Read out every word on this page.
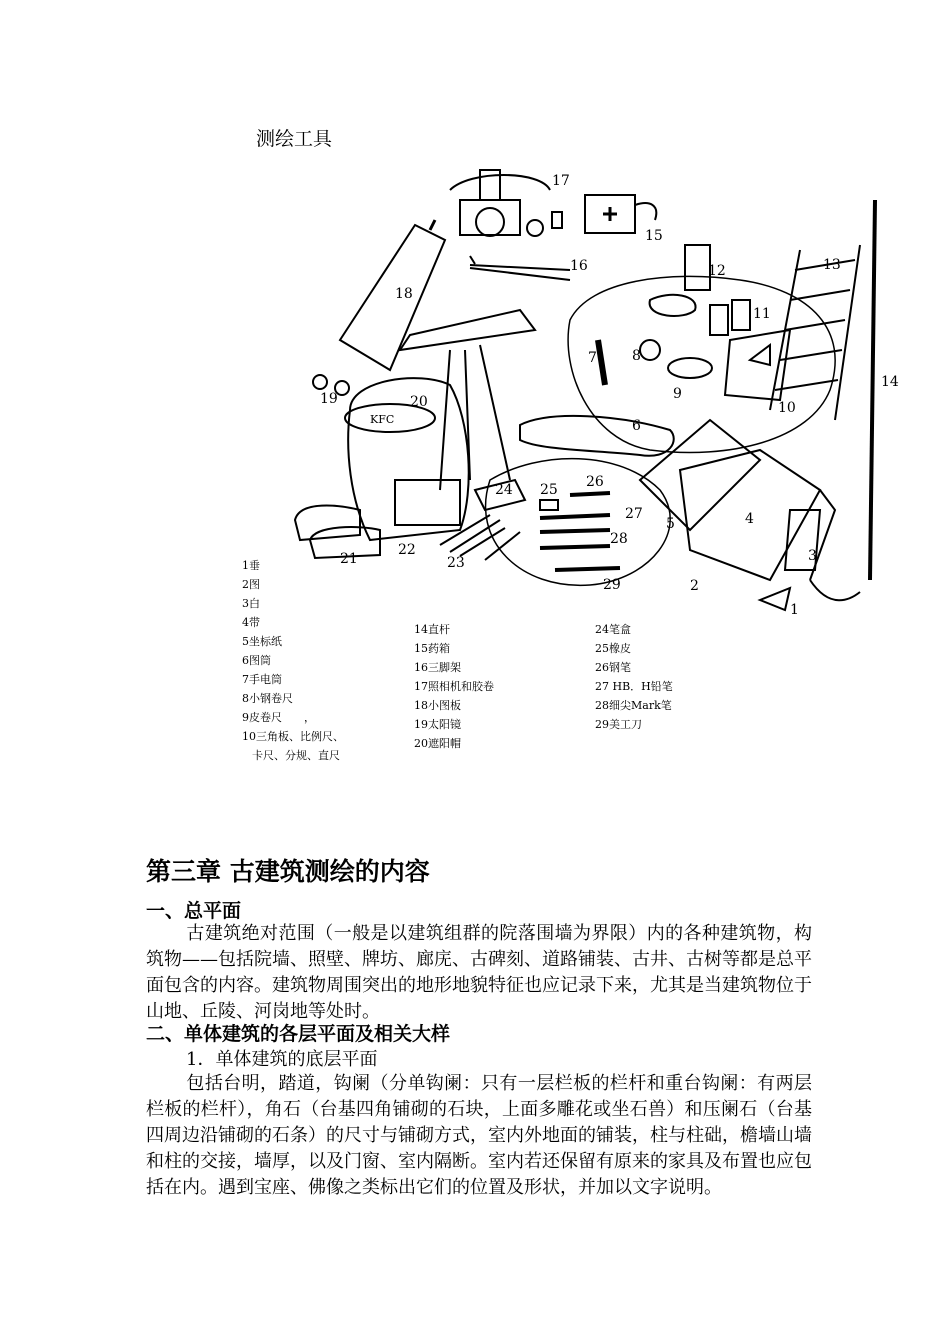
测绘工具
17
15
16
18
12	13
11
14
7	8
9
10
6
19	20
KFC
4
5
3
2
1
24 25 26
27
28
29
21
22
23
1垂
2图
3白
4带
5坐标纸
6图筒
7手电筒
8小钢卷尺
9皮卷尺　　，
10三角板、比例尺、
卡尺、分规、直尺
14直杆
15药箱
16三脚架
17照相机和胶卷
18小图板
19太阳镜
20遮阳帽
24笔盒
25橡皮
26钢笔
27 HB．H铅笔
28细尖Mark笔
29美工刀
第三章 古建筑测绘的内容
一、总平面
古建筑绝对范围（一般是以建筑组群的院落围墙为界限）内的各种建筑物，构筑物——包括院墙、照壁、牌坊、廊庑、古碑刻、道路铺装、古井、古树等都是总平面包含的内容。建筑物周围突出的地形地貌特征也应记录下来，尤其是当建筑物位于山地、丘陵、河岗地等处时。
二、单体建筑的各层平面及相关大样
1．单体建筑的底层平面
包括台明，踏道，钩阑（分单钩阑：只有一层栏板的栏杆和重台钩阑：有两层栏板的栏杆），角石（台基四角铺砌的石块，上面多雕花或坐石兽）和压阑石（台基四周边沿铺砌的石条）的尺寸与铺砌方式，室内外地面的铺装，柱与柱础，檐墙山墙和柱的交接，墙厚，以及门窗、室内隔断。室内若还保留有原来的家具及布置也应包括在内。遇到宝座、佛像之类标出它们的位置及形状，并加以文字说明。
